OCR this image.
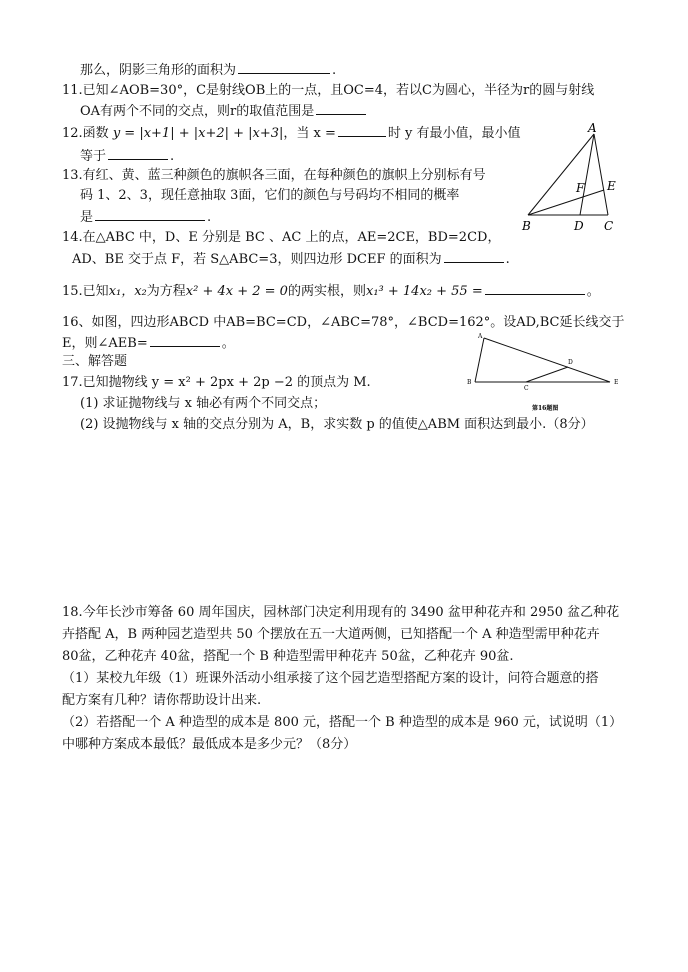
那么，阴影三角形的面积为	.
11.已知∠AOB=30°，C是射线OB上的一点，且OC=4，若以C为圆心，半径为r的圆与射线
OA有两个不同的交点，则r的取值范围是
12.函数 y = |x+1| + |x+2| + |x+3|，当 x =	时 y 有最小值，最小值
等于	.
13.有红、黄、蓝三种颜色的旗帜各三面，在每种颜色的旗帜上分别标有号
码 1、2、3，现任意抽取 3面，它们的颜色与号码均不相同的概率
是	.
A
B	C
D
E
F
14.在△ABC 中，D、E 分别是 BC 、AC 上的点，AE=2CE，BD=2CD，
AD、BE 交于点 F，若 S△ABC=3，则四边形 DCEF 的面积为	.
15.已知x₁，x₂为方程x² + 4x + 2 = 0的两实根，则x₁³ + 14x₂ + 55 =	。
16、如图，四边形ABCD 中AB=BC=CD，∠ABC=78°，∠BCD=162°。设AD,BC延长线交于
E，则∠AEB=	。	A
B
C
D
E
第16题图
三、解答题
17.已知抛物线 y = x² + 2px + 2p −2 的顶点为 M.
(1) 求证抛物线与 x 轴必有两个不同交点；
(2) 设抛物线与 x 轴的交点分别为 A，B，求实数 p 的值使△ABM 面积达到最小.（8分）
18.今年长沙市筹备 60 周年国庆，园林部门决定利用现有的 3490 盆甲种花卉和 2950 盆乙种花
卉搭配 A，B 两种园艺造型共 50 个摆放在五一大道两侧，已知搭配一个 A 种造型需甲种花卉
80盆，乙种花卉 40盆，搭配一个 B 种造型需甲种花卉 50盆，乙种花卉 90盆.
（1）某校九年级（1）班课外活动小组承接了这个园艺造型搭配方案的设计，问符合题意的搭
配方案有几种？请你帮助设计出来.
（2）若搭配一个 A 种造型的成本是 800 元，搭配一个 B 种造型的成本是 960 元，试说明（1）
中哪种方案成本最低？最低成本是多少元？（8分）
